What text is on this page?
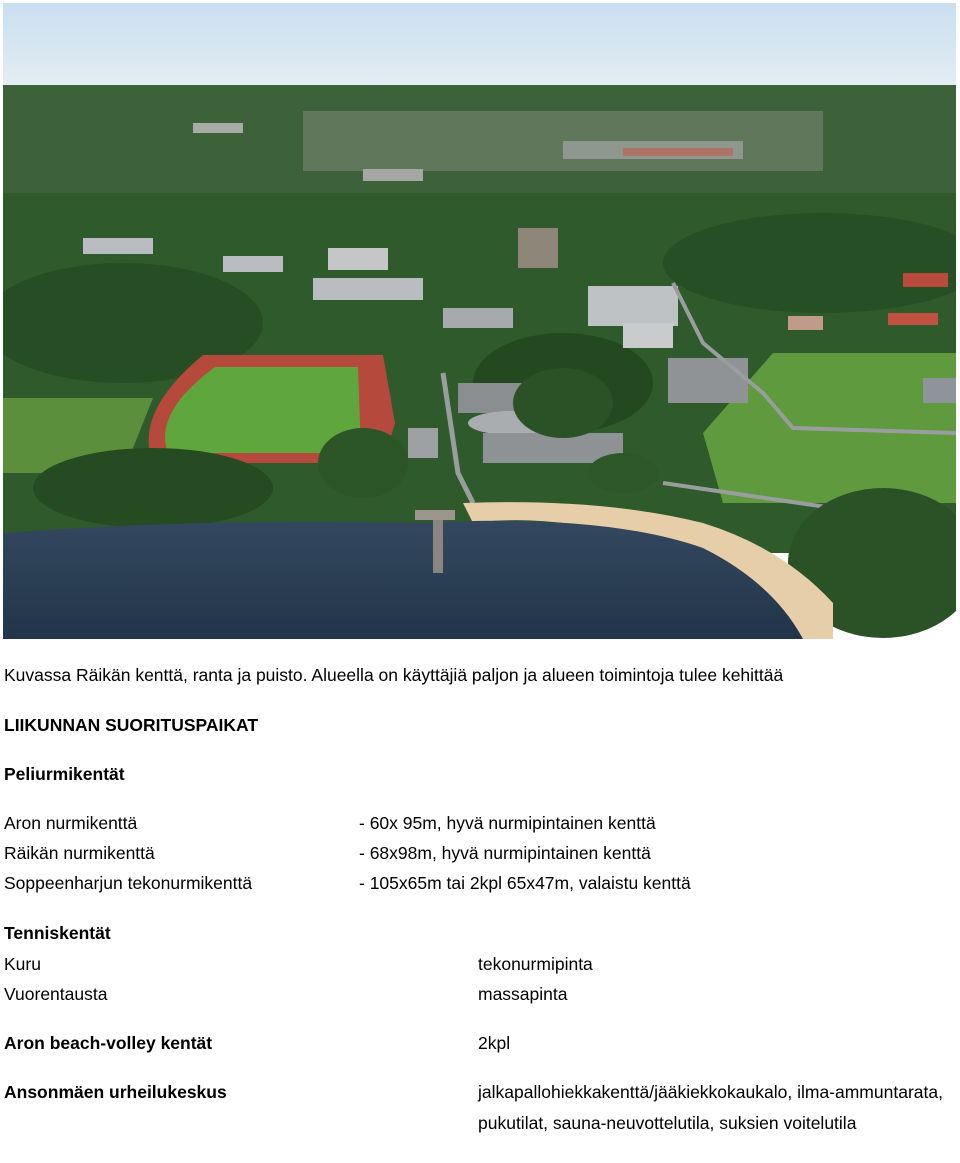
Kuvassa Räikän kenttä, ranta ja puisto. Alueella on käyttäjiä paljon ja alueen toimintoja tulee kehittää
LIIKUNNAN SUORITUSPAIKAT
Peliurmikentät
Aron nurmikenttä	- 60x 95m, hyvä nurmipintainen kenttä
Räikän nurmikenttä	- 68x98m, hyvä nurmipintainen kenttä
Soppeenharjun tekonurmikenttä	- 105x65m tai 2kpl 65x47m, valaistu kenttä
Tenniskentät
Kuru	tekonurmipinta
Vuorentausta	massapinta
Aron beach-volley kentät	2kpl
Ansonmäen urheilukeskus	jalkapallohiekkakenttä/jääkiekkokaukalo, ilma-ammuntarata, pukutilat, sauna-neuvottelutila, suksien voitelutila
